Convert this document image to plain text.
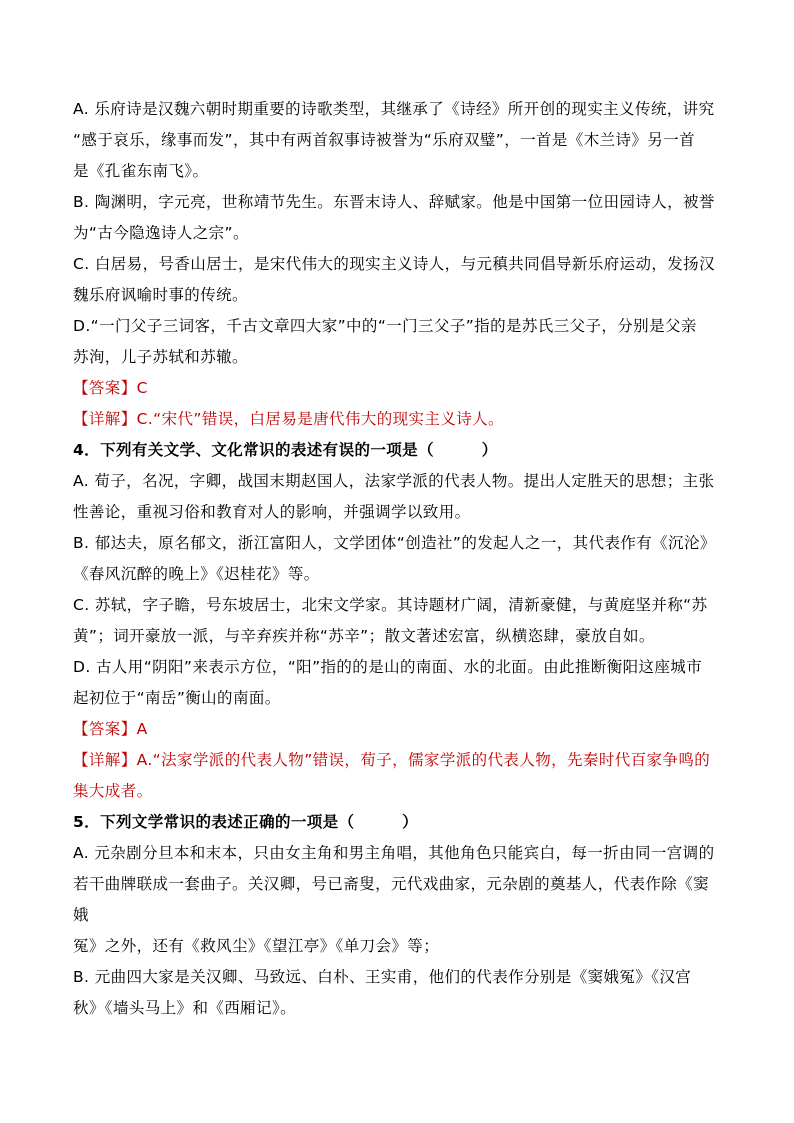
A. 乐府诗是汉魏六朝时期重要的诗歌类型，其继承了《诗经》所开创的现实主义传统，讲究
“感于哀乐，缘事而发”，其中有两首叙事诗被誉为“乐府双璧”，一首是《木兰诗》另一首
是《孔雀东南飞》。

B. 陶渊明，字元亮，世称靖节先生。东晋末诗人、辞赋家。他是中国第一位田园诗人，被誉
为“古今隐逸诗人之宗”。

C. 白居易，号香山居士，是宋代伟大的现实主义诗人，与元稹共同倡导新乐府运动，发扬汉
魏乐府讽喻时事的传统。

D.“一门父子三词客，千古文章四大家”中的“一门三父子”指的是苏氏三父子，分别是父亲
苏洵，儿子苏轼和苏辙。

【答案】C

【详解】C.“宋代”错误，白居易是唐代伟大的现实主义诗人。

4．下列有关文学、文化常识的表述有误的一项是（　　　）

A. 荀子，名况，字卿，战国末期赵国人，法家学派的代表人物。提出人定胜天的思想；主张
性善论，重视习俗和教育对人的影响，并强调学以致用。

B. 郁达夫，原名郁文，浙江富阳人，文学团体“创造社”的发起人之一，其代表作有《沉沦》
《春风沉醉的晚上》《迟桂花》等。

C. 苏轼，字子瞻，号东坡居士，北宋文学家。其诗题材广阔，清新豪健，与黄庭坚并称“苏
黄”；词开豪放一派，与辛弃疾并称“苏辛”；散文著述宏富，纵横恣肆，豪放自如。

D. 古人用“阴阳”来表示方位，“阳”指的的是山的南面、水的北面。由此推断衡阳这座城市
起初位于“南岳”衡山的南面。

【答案】A

【详解】A.“法家学派的代表人物”错误，荀子，儒家学派的代表人物，先秦时代百家争鸣的
集大成者。

5．下列文学常识的表述正确的一项是（　　　）

A. 元杂剧分旦本和末本，只由女主角和男主角唱，其他角色只能宾白，每一折由同一宫调的
若干曲牌联成一套曲子。关汉卿，号已斋叟，元代戏曲家，元杂剧的奠基人，代表作除《窦娥
冤》之外，还有《救风尘》《望江亭》《单刀会》等；

B. 元曲四大家是关汉卿、马致远、白朴、王实甫，他们的代表作分别是《窦娥冤》《汉宫
秋》《墙头马上》和《西厢记》。
